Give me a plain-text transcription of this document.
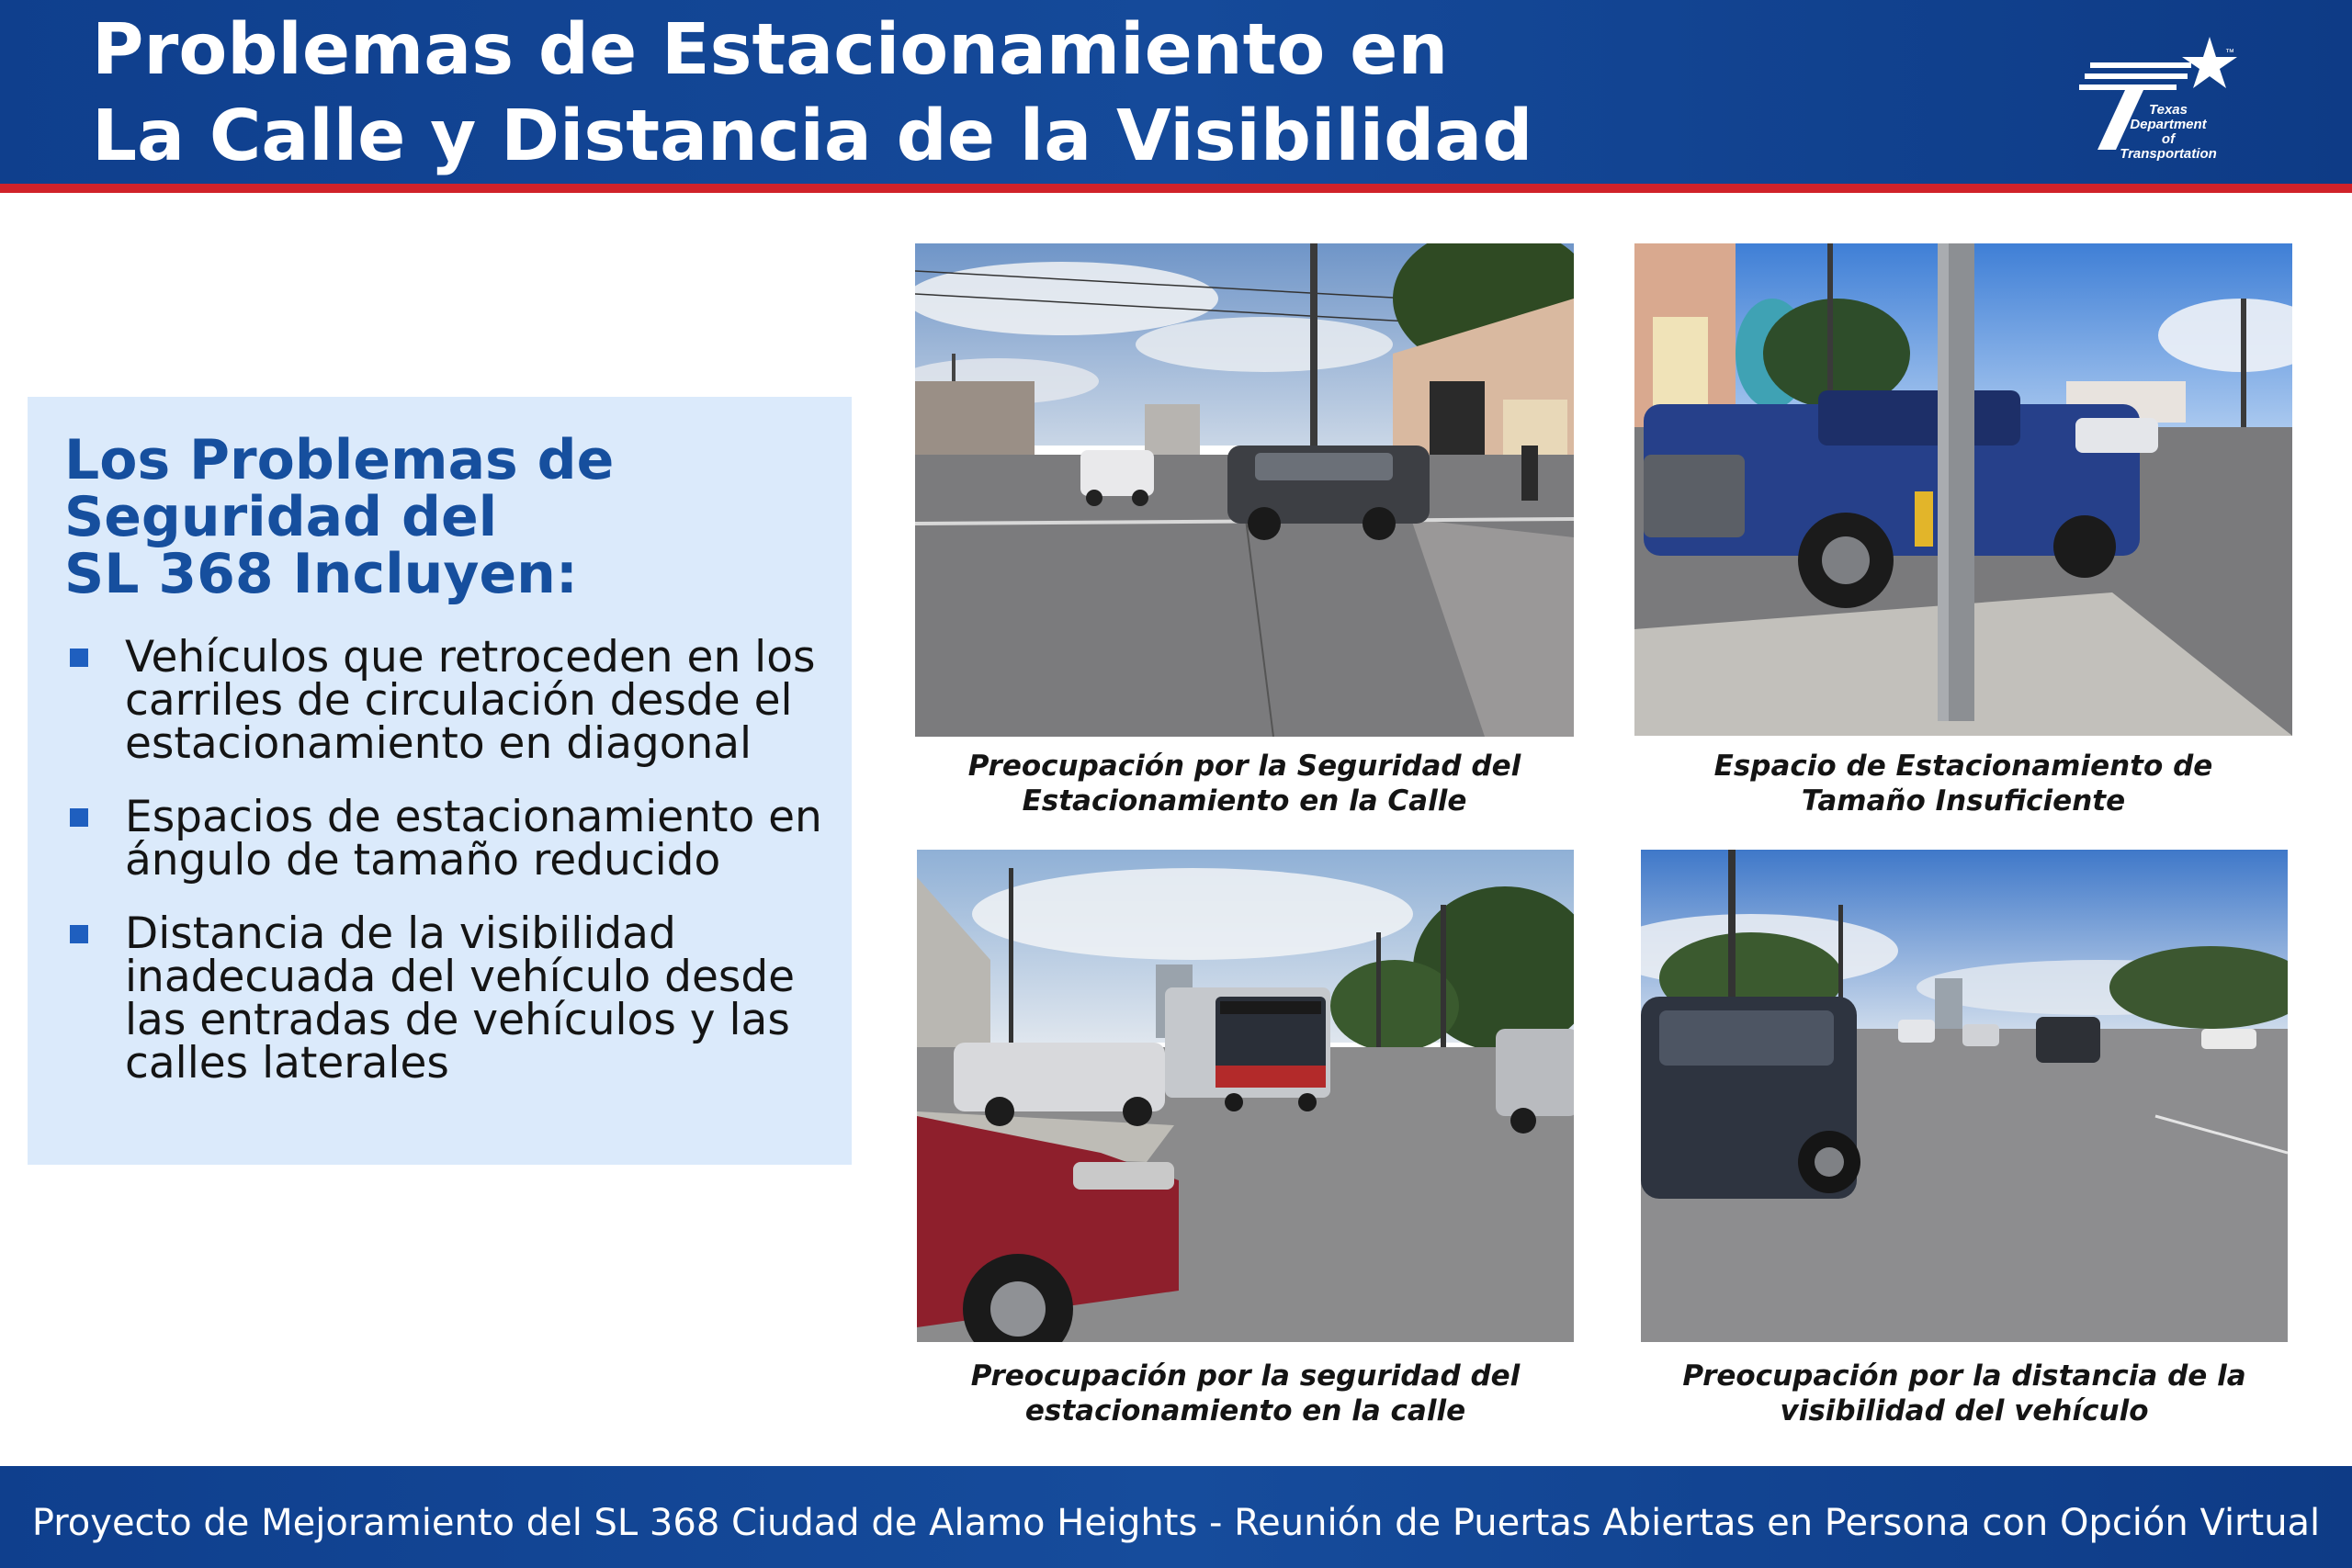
Problemas de Estacionamiento en
La Calle y Distancia de la Visibilidad
™
Texas
Department
of Transportation
Los Problemas de
Seguridad del
SL 368 Incluyen:
Vehículos que retroceden en los
carriles de circulación desde el
estacionamiento en diagonal
Espacios de estacionamiento en
ángulo de tamaño reducido
Distancia de la visibilidad
inadecuada del vehículo desde
las entradas de vehículos y las
calles laterales
Preocupación por la Seguridad del
Estacionamiento en la Calle
Espacio de Estacionamiento de
Tamaño Insuficiente
Preocupación por la seguridad del
estacionamiento en la calle
Preocupación por la distancia de la
visibilidad del vehículo
Proyecto de Mejoramiento del SL 368 Ciudad de Alamo Heights - Reunión de Puertas Abiertas en Persona con Opción Virtual
